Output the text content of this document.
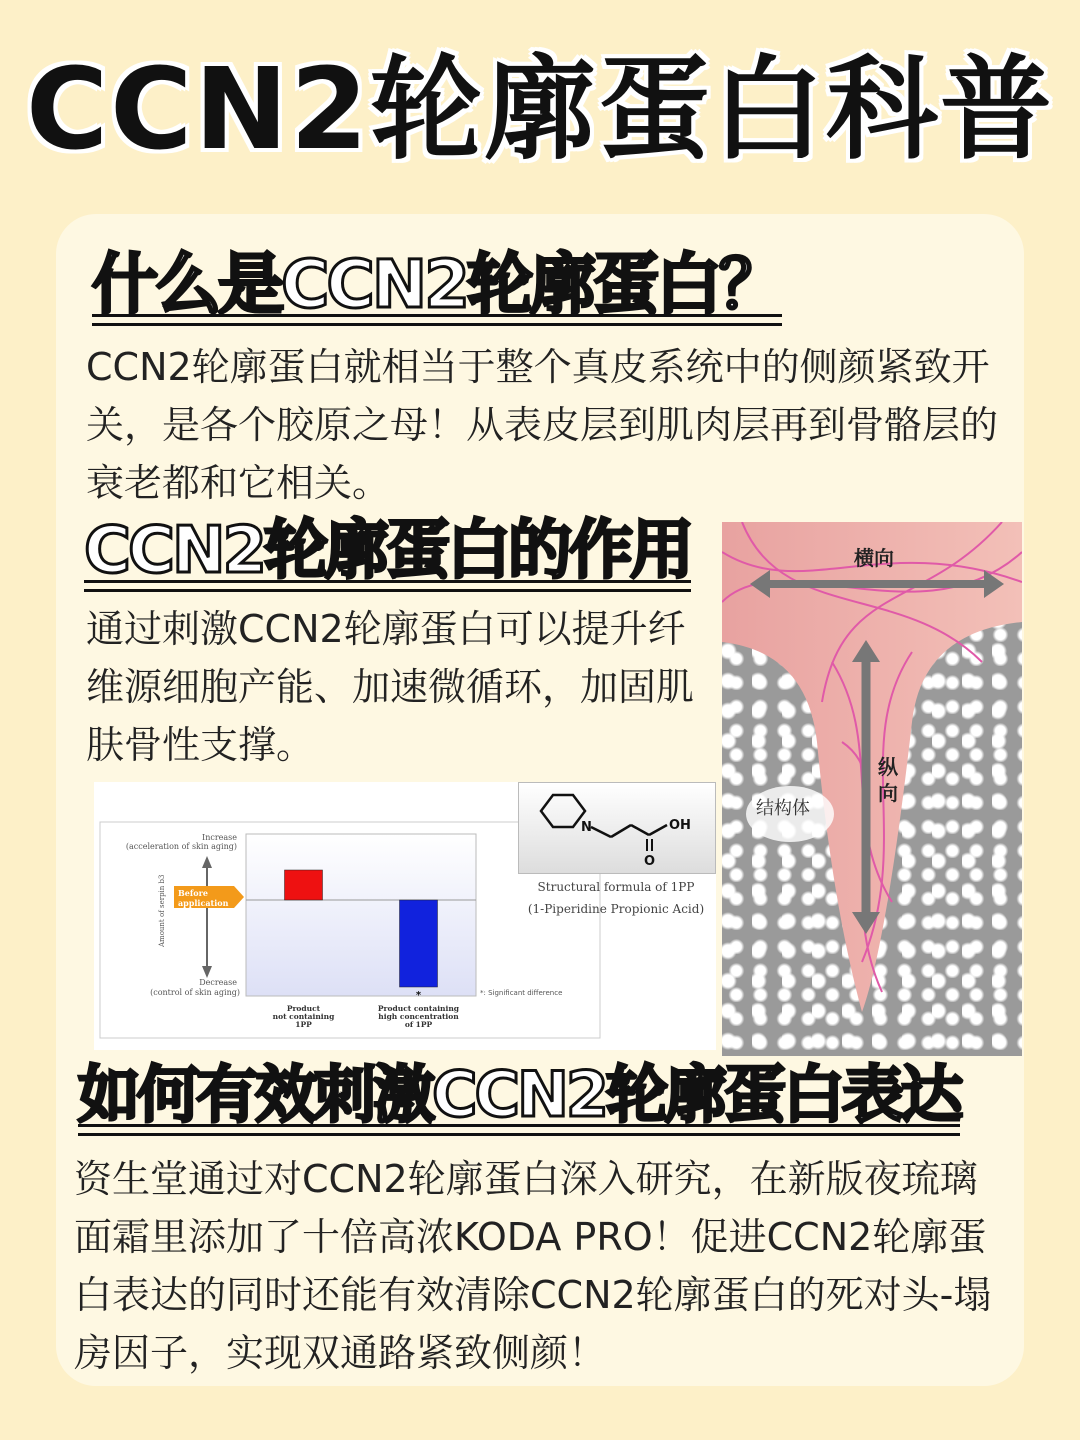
CCN2轮廓蛋白科普
什么是CCN2轮廓蛋白？
CCN2轮廓蛋白就相当于整个真皮系统中的侧颜紧致开关，是各个胶原之母！从表皮层到肌肉层再到骨骼层的衰老都和它相关。
CCN2轮廓蛋白的作用
通过刺激CCN2轮廓蛋白可以提升纤维源细胞产能、加速微循环，加固肌肤骨性支撑。
*
Before
application
Increase
(acceleration of skin aging)
Decrease
(control of skin aging)
Amount of serpin b3
*: Significant difference
Product
not containing
1PP
Product containing
high concentration
of 1PP
N	OH
O
Structural formula of 1PP
(1-Piperidine Propionic Acid)
横向
纵向
结构体
如何有效刺激CCN2轮廓蛋白表达
资生堂通过对CCN2轮廓蛋白深入研究，在新版夜琉璃面霜里添加了十倍高浓KODA PRO！促进CCN2轮廓蛋白表达的同时还能有效清除CCN2轮廓蛋白的死对头-塌房因子，实现双通路紧致侧颜！
